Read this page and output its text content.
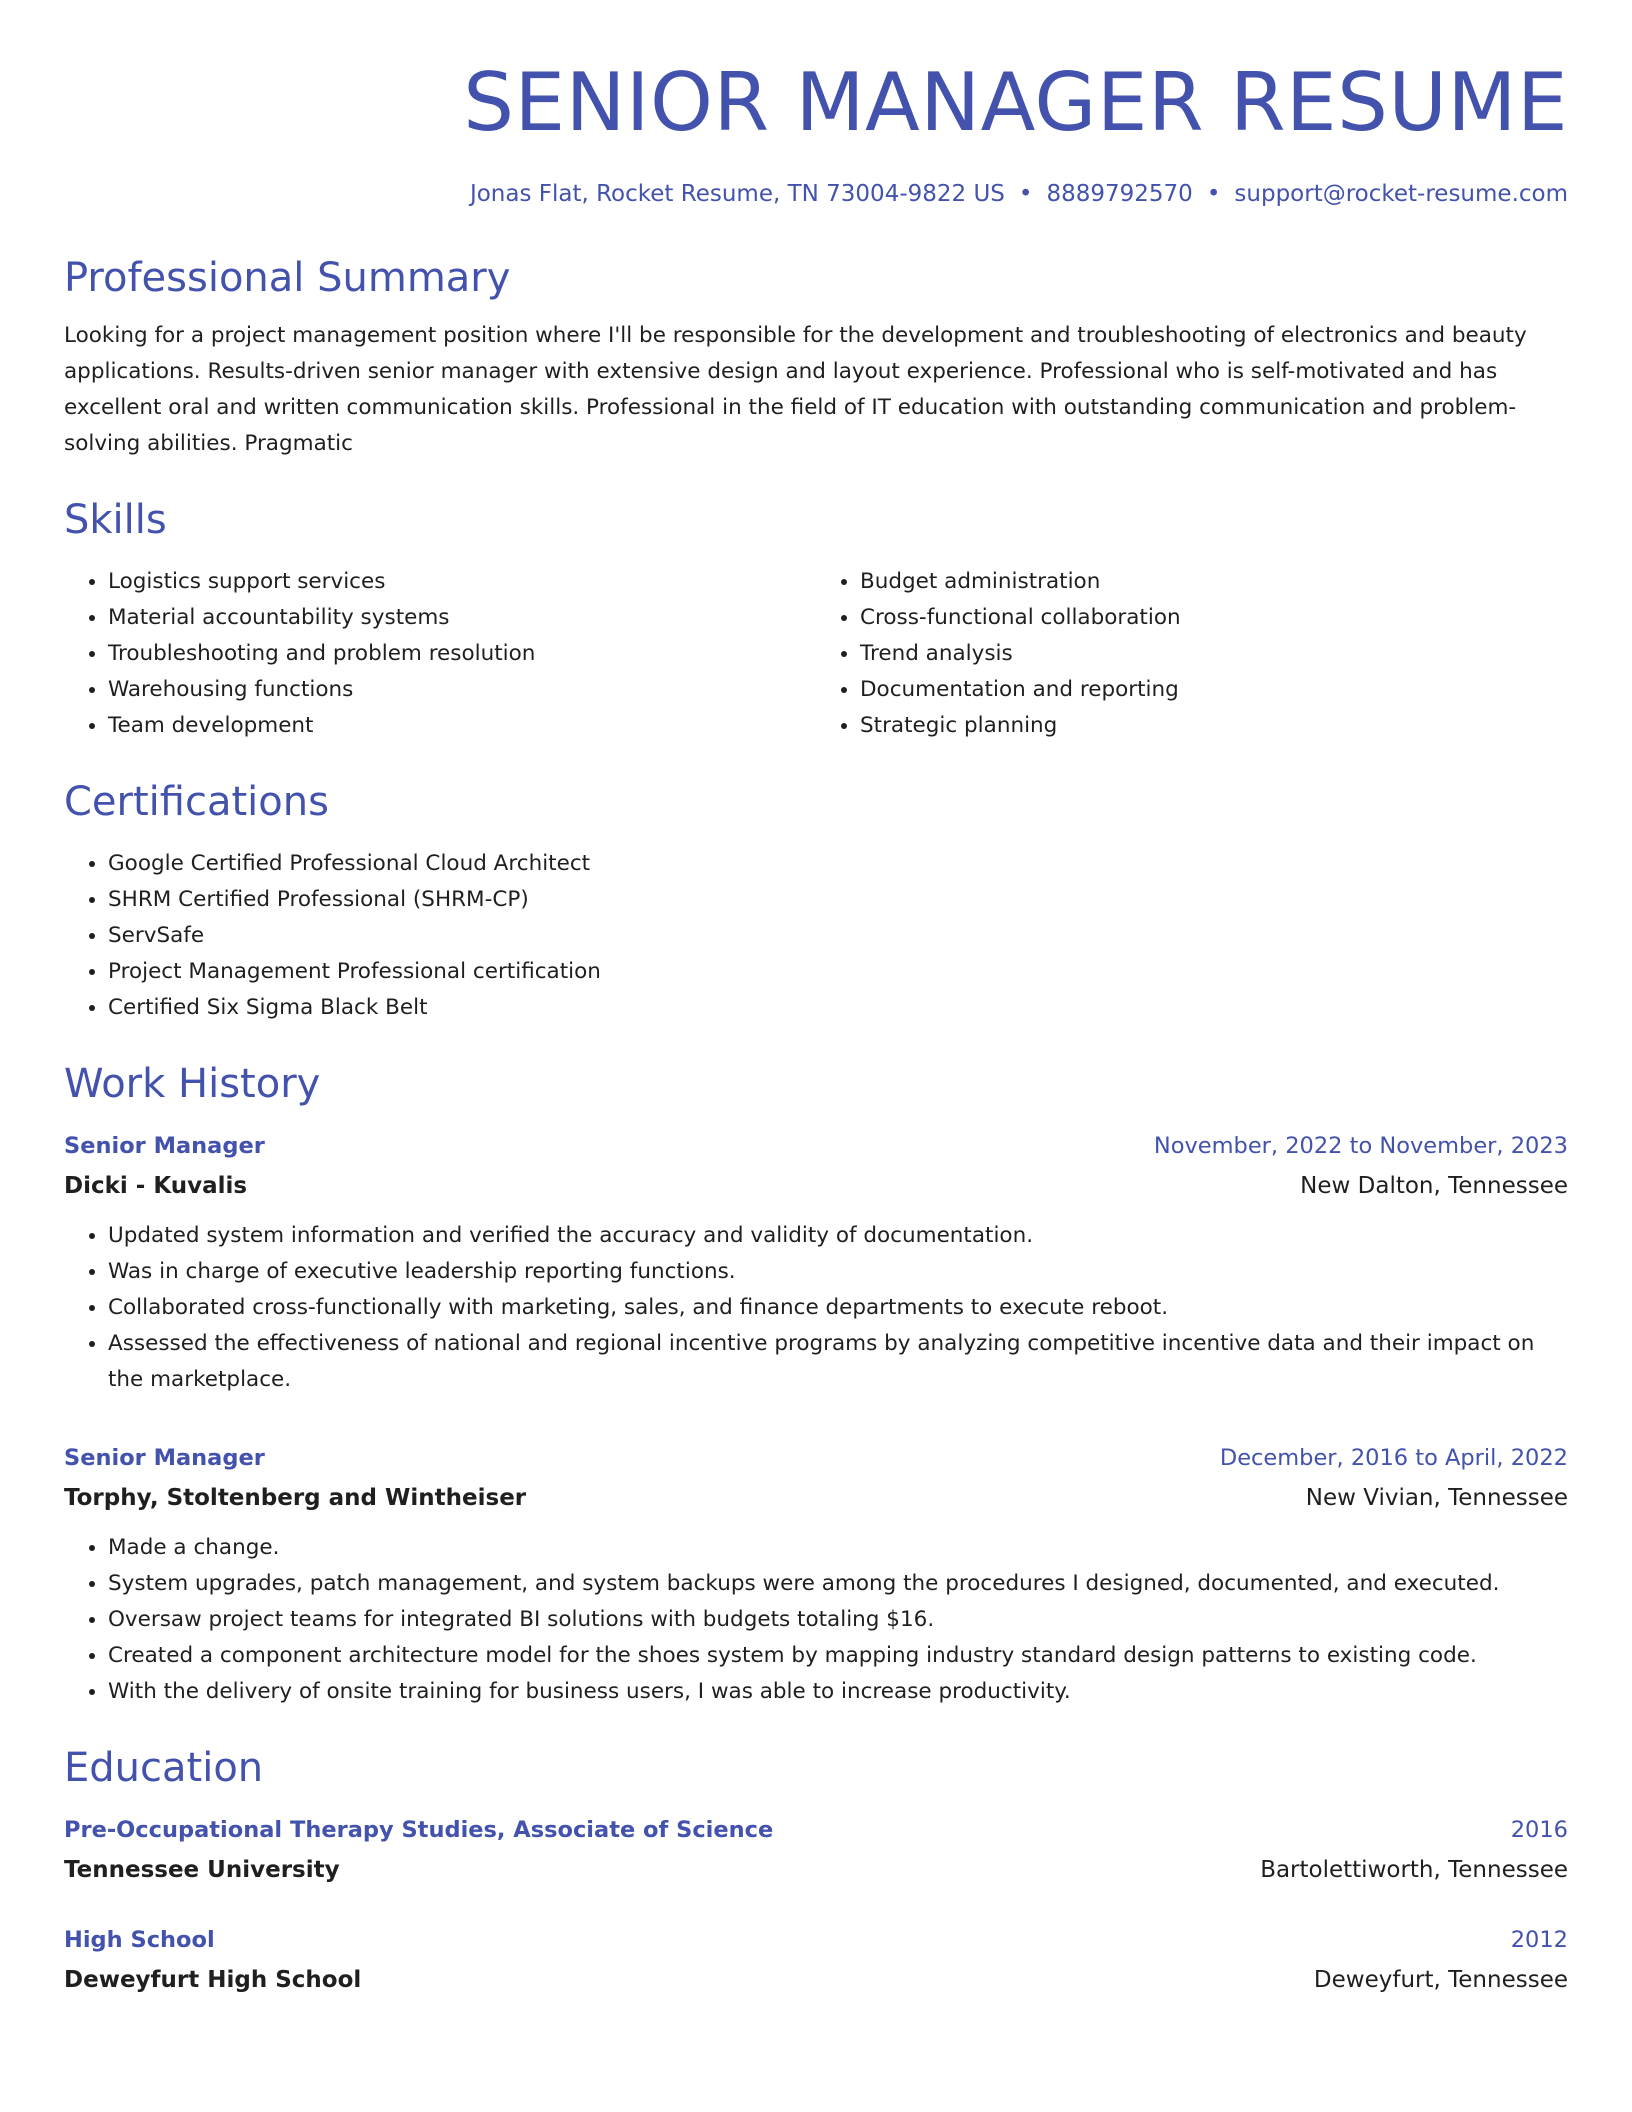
SENIOR MANAGER RESUME
Jonas Flat, Rocket Resume, TN 73004-9822 US • 8889792570 • support@rocket-resume.com
Professional Summary

Looking for a project management position where I'll be responsible for the development and troubleshooting of electronics and beauty applications. Results-driven senior manager with extensive design and layout experience. Professional who is self-motivated and has excellent oral and written communication skills. Professional in the field of IT education with outstanding communication and problem-solving abilities. Pragmatic

Skills
• Logistics support services
• Material accountability systems
• Troubleshooting and problem resolution
• Warehousing functions
• Team development
• Budget administration
• Cross-functional collaboration
• Trend analysis
• Documentation and reporting
• Strategic planning
Certifications
• Google Certified Professional Cloud Architect
• SHRM Certified Professional (SHRM-CP)
• ServSafe
• Project Management Professional certification
• Certified Six Sigma Black Belt
Work History
Senior Manager	November, 2022 to November, 2023
Dicki - Kuvalis	New Dalton, Tennessee
• Updated system information and verified the accuracy and validity of documentation.
• Was in charge of executive leadership reporting functions.
• Collaborated cross-functionally with marketing, sales, and finance departments to execute reboot.
• Assessed the effectiveness of national and regional incentive programs by analyzing competitive incentive data and their impact on the marketplace.
Senior Manager	December, 2016 to April, 2022
Torphy, Stoltenberg and Wintheiser	New Vivian, Tennessee
• Made a change.
• System upgrades, patch management, and system backups were among the procedures I designed, documented, and executed.
• Oversaw project teams for integrated BI solutions with budgets totaling $16.
• Created a component architecture model for the shoes system by mapping industry standard design patterns to existing code.
• With the delivery of onsite training for business users, I was able to increase productivity.
Education
Pre-Occupational Therapy Studies, Associate of Science	2016
Tennessee University	Bartolettiworth, Tennessee
High School	2012
Deweyfurt High School	Deweyfurt, Tennessee
